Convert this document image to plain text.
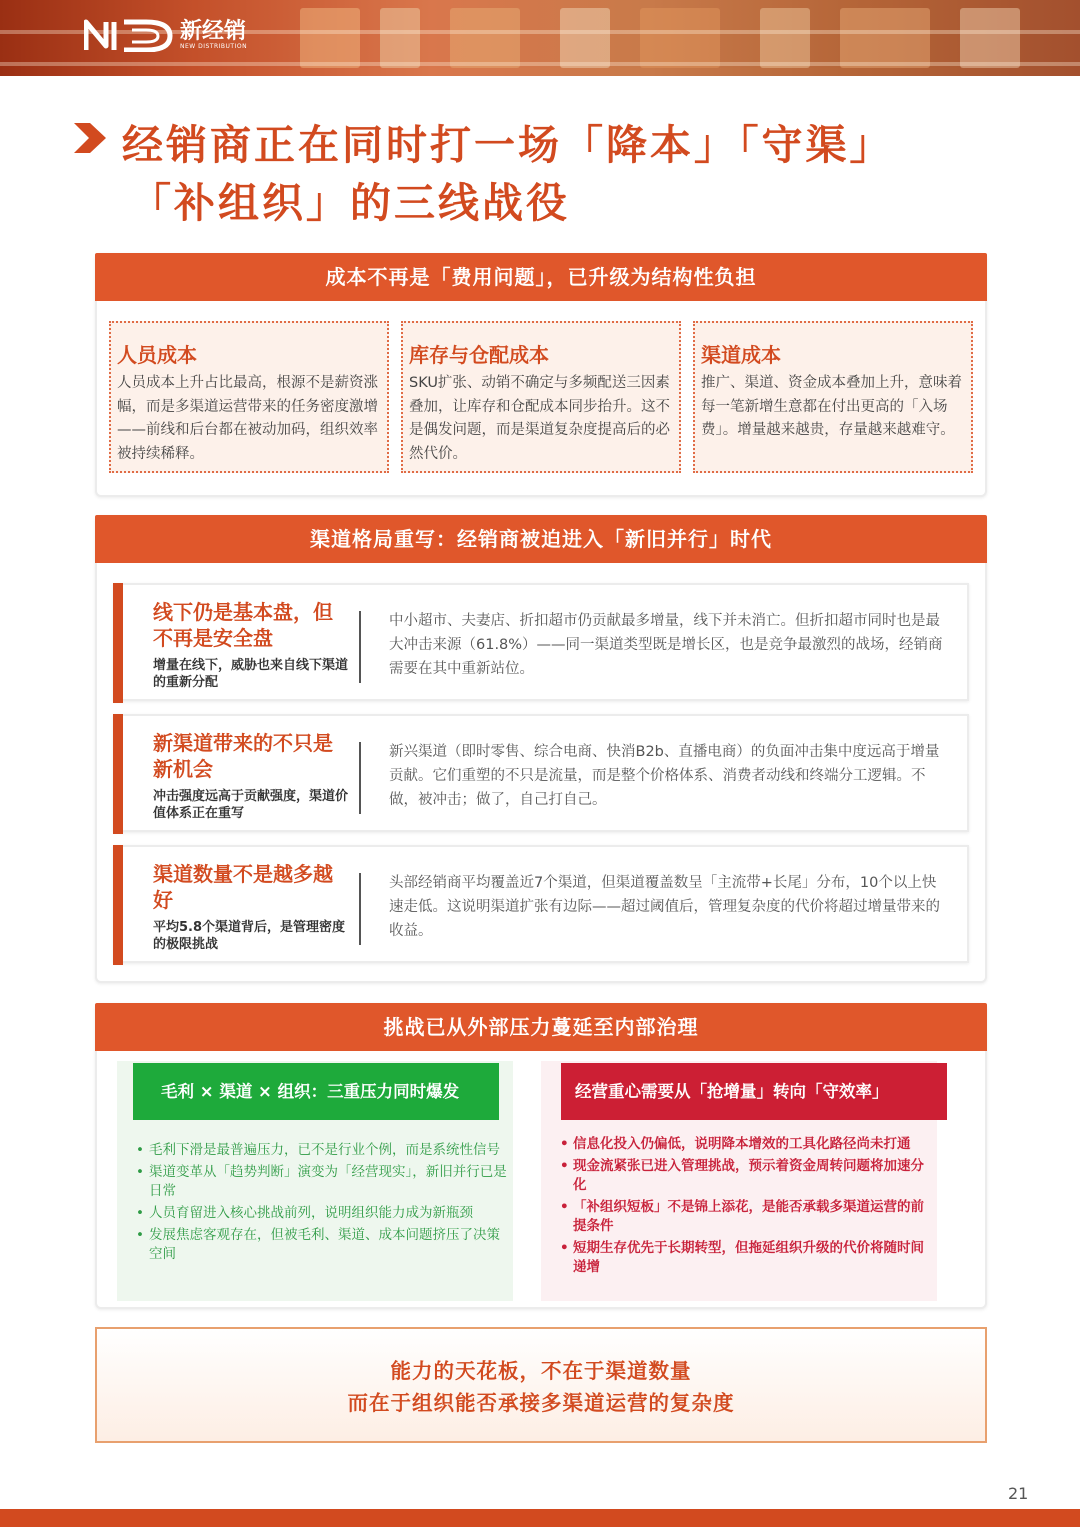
新经销
NEW DISTRIBUTION
经销商正在同时打一场「降本」「守渠」
「补组织」的三线战役
成本不再是「费用问题」，已升级为结构性负担
人员成本
人员成本上升占比最高，根源不是薪资涨幅，而是多渠道运营带来的任务密度激增——前线和后台都在被动加码，组织效率被持续稀释。
库存与仓配成本
SKU扩张、动销不确定与多频配送三因素叠加，让库存和仓配成本同步抬升。这不是偶发问题，而是渠道复杂度提高后的必然代价。
渠道成本
推广、渠道、资金成本叠加上升，意味着每一笔新增生意都在付出更高的「入场费」。增量越来越贵，存量越来越难守。
渠道格局重写：经销商被迫进入「新旧并行」时代
线下仍是基本盘，但不再是安全盘
增量在线下，威胁也来自线下渠道的重新分配
中小超市、夫妻店、折扣超市仍贡献最多增量，线下并未消亡。但折扣超市同时也是最大冲击来源（61.8%）——同一渠道类型既是增长区，也是竞争最激烈的战场，经销商需要在其中重新站位。
新渠道带来的不只是新机会
冲击强度远高于贡献强度，渠道价值体系正在重写
新兴渠道（即时零售、综合电商、快消B2b、直播电商）的负面冲击集中度远高于增量贡献。它们重塑的不只是流量，而是整个价格体系、消费者动线和终端分工逻辑。不做，被冲击；做了，自己打自己。
渠道数量不是越多越好
平均5.8个渠道背后，是管理密度的极限挑战
头部经销商平均覆盖近7个渠道，但渠道覆盖数呈「主流带+长尾」分布，10个以上快速走低。这说明渠道扩张有边际——超过阈值后，管理复杂度的代价将超过增量带来的收益。
挑战已从外部压力蔓延至内部治理
毛利 × 渠道 × 组织：三重压力同时爆发
• 毛利下滑是最普遍压力，已不是行业个例，而是系统性信号
• 渠道变革从「趋势判断」演变为「经营现实」，新旧并行已是日常
• 人员育留进入核心挑战前列，说明组织能力成为新瓶颈
• 发展焦虑客观存在，但被毛利、渠道、成本问题挤压了决策空间
经营重心需要从「抢增量」转向「守效率」
• 信息化投入仍偏低，说明降本增效的工具化路径尚未打通
• 现金流紧张已进入管理挑战，预示着资金周转问题将加速分化
• 「补组织短板」不是锦上添花，是能否承载多渠道运营的前提条件
• 短期生存优先于长期转型，但拖延组织升级的代价将随时间递增
能力的天花板，不在于渠道数量
而在于组织能否承接多渠道运营的复杂度
21
